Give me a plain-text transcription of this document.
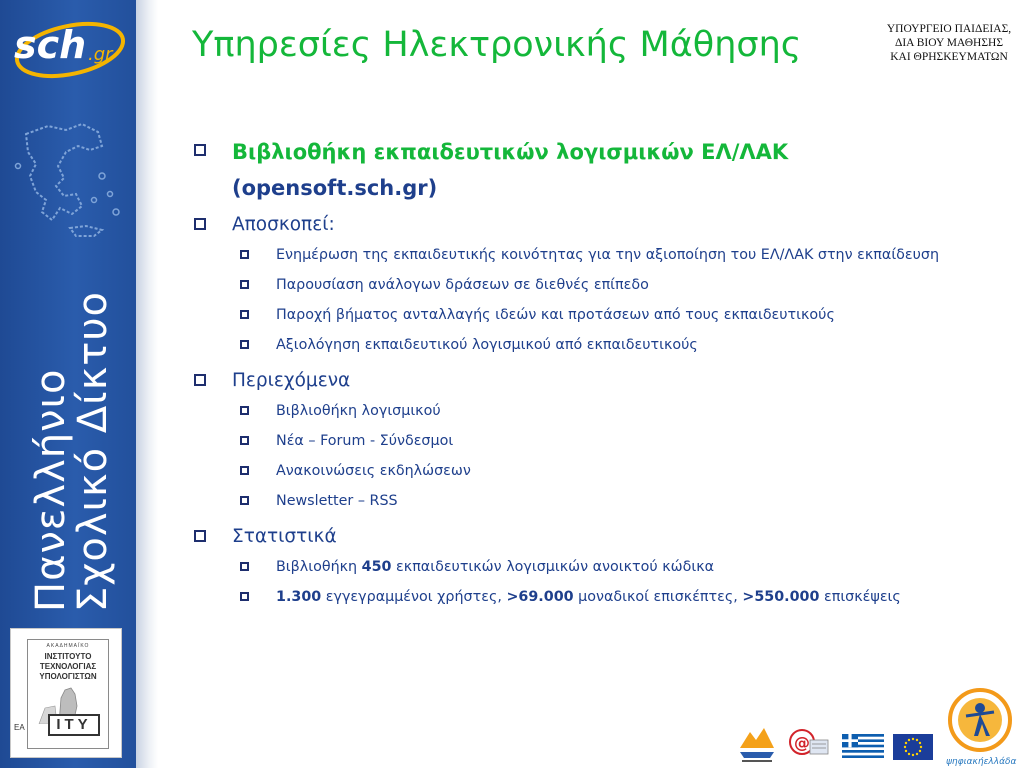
sch .gr
Πανελλήνιο
Σχολικό Δίκτυο
ΑΚΑΔΗΜΑΪΚΟ
ΙΝΣΤΙΤΟΥΤΟ
ΤΕΧΝΟΛΟΓΙΑΣ
ΥΠΟΛΟΓΙΣΤΩΝ
ΕΑ	ΙΤΥ
Υπηρεσίες Ηλεκτρονικής Μάθησης	ΥΠΟΥΡΓΕΙΟ ΠΑΙΔΕΙΑΣ,
ΔΙΑ ΒΙΟΥ ΜΑΘΗΣΗΣ
ΚΑΙ ΘΡΗΣΚΕΥΜΑΤΩΝ
Βιβλιοθήκη εκπαιδευτικών λογισμικών ΕΛ/ΛΑΚ
(opensoft.sch.gr)
Αποσκοπεί:
Ενημέρωση της εκπαιδευτικής κοινότητας για την αξιοποίηση του ΕΛ/ΛΑΚ στην εκπαίδευση
Παρουσίαση ανάλογων δράσεων σε διεθνές επίπεδο
Παροχή βήματος ανταλλαγής ιδεών και προτάσεων από τους εκπαιδευτικούς
Αξιολόγηση εκπαιδευτικού λογισμικού από εκπαιδευτικούς
Περιεχόμενα
Βιβλιοθήκη λογισμικού
Νέα – Forum - Σύνδεσμοι
Ανακοινώσεις εκδηλώσεων
Newsletter – RSS
Στατιστικά
Βιβλιοθήκη 450 εκπαιδευτικών λογισμικών ανοικτού κώδικα
1.300 εγγεγραμμένοι χρήστες, >69.000 μοναδικοί επισκέπτες, >550.000 επισκέψεις
@
ψηφιακήελλάδα
